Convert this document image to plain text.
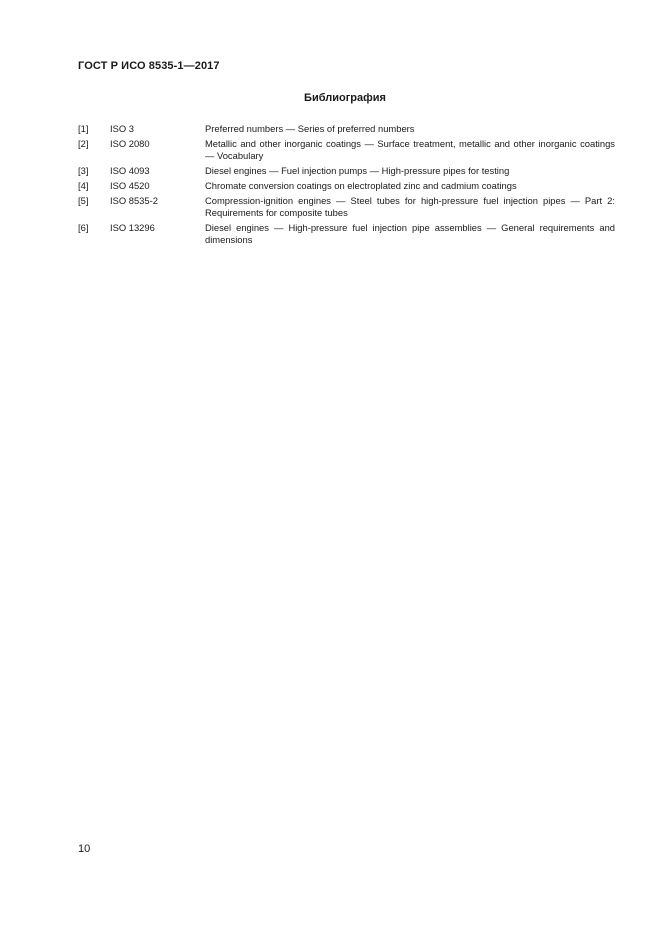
ГОСТ Р ИСО 8535-1—2017
Библиография
[1]	ISO 3	Preferred numbers — Series of preferred numbers
[2]	ISO 2080	Metallic and other inorganic coatings — Surface treatment, metallic and other inorganic coatings — Vocabulary
[3]	ISO 4093	Diesel engines — Fuel injection pumps — High-pressure pipes for testing
[4]	ISO 4520	Chromate conversion coatings on electroplated zinc and cadmium coatings
[5]	ISO 8535-2	Compression-ignition engines — Steel tubes for high-pressure fuel injection pipes — Part 2: Requirements for composite tubes
[6]	ISO 13296	Diesel engines — High-pressure fuel injection pipe assemblies — General requirements and dimensions
10
